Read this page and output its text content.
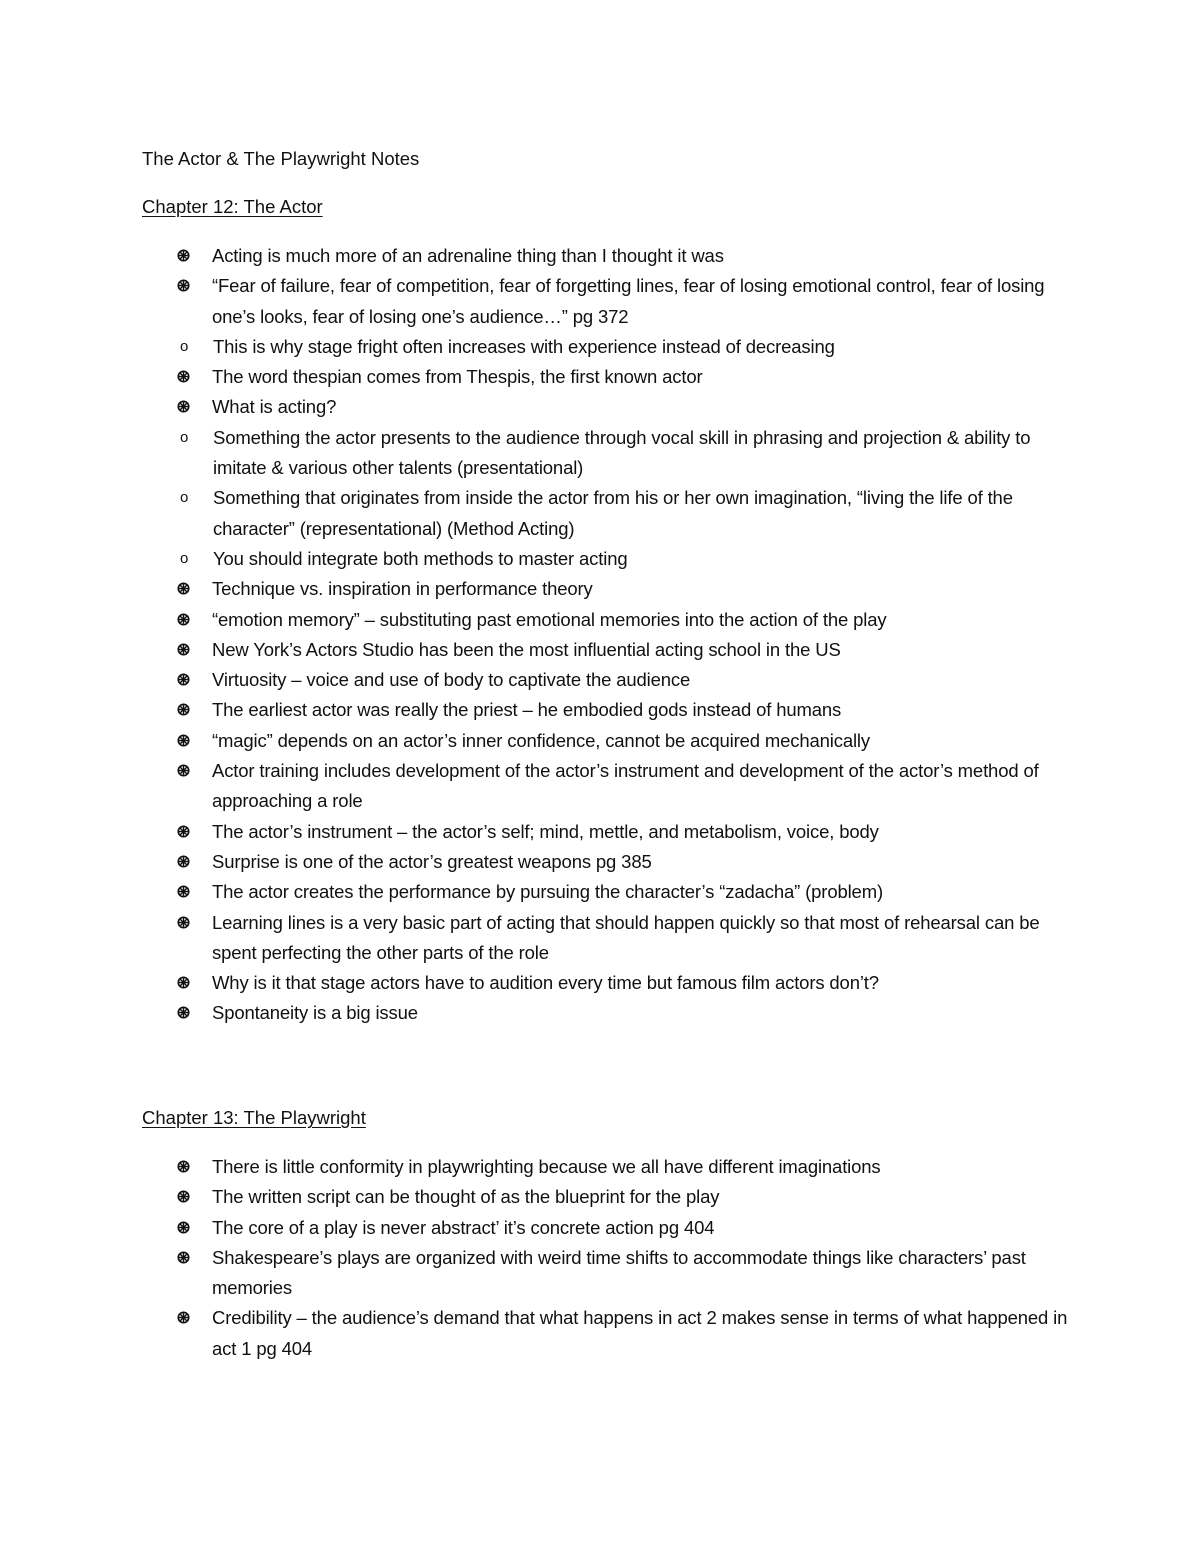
The Actor & The Playwright Notes
Chapter 12: The Actor
Acting is much more of an adrenaline thing than I thought it was
“Fear of failure, fear of competition, fear of forgetting lines, fear of losing emotional control, fear of losing one’s looks, fear of losing one’s audience…” pg 372
o This is why stage fright often increases with experience instead of decreasing
The word thespian comes from Thespis, the first known actor
What is acting?
o Something the actor presents to the audience through vocal skill in phrasing and projection & ability to imitate & various other talents (presentational)
o Something that originates from inside the actor from his or her own imagination, “living the life of the character” (representational) (Method Acting)
o You should integrate both methods to master acting
Technique vs. inspiration in performance theory
“emotion memory” – substituting past emotional memories into the action of the play
New York’s Actors Studio has been the most influential acting school in the US
Virtuosity – voice and use of body to captivate the audience
The earliest actor was really the priest – he embodied gods instead of humans
“magic” depends on an actor’s inner confidence, cannot be acquired mechanically
Actor training includes development of the actor’s instrument and development of the actor’s method of approaching a role
The actor’s instrument – the actor’s self; mind, mettle, and metabolism, voice, body
Surprise is one of the actor’s greatest weapons pg 385
The actor creates the performance by pursuing the character’s “zadacha” (problem)
Learning lines is a very basic part of acting that should happen quickly so that most of rehearsal can be spent perfecting the other parts of the role
Why is it that stage actors have to audition every time but famous film actors don’t?
Spontaneity is a big issue
Chapter 13: The Playwright
There is little conformity in playwrighting because we all have different imaginations
The written script can be thought of as the blueprint for the play
The core of a play is never abstract’ it’s concrete action pg 404
Shakespeare’s plays are organized with weird time shifts to accommodate things like characters’ past memories
Credibility – the audience’s demand that what happens in act 2 makes sense in terms of what happened in act 1 pg 404
